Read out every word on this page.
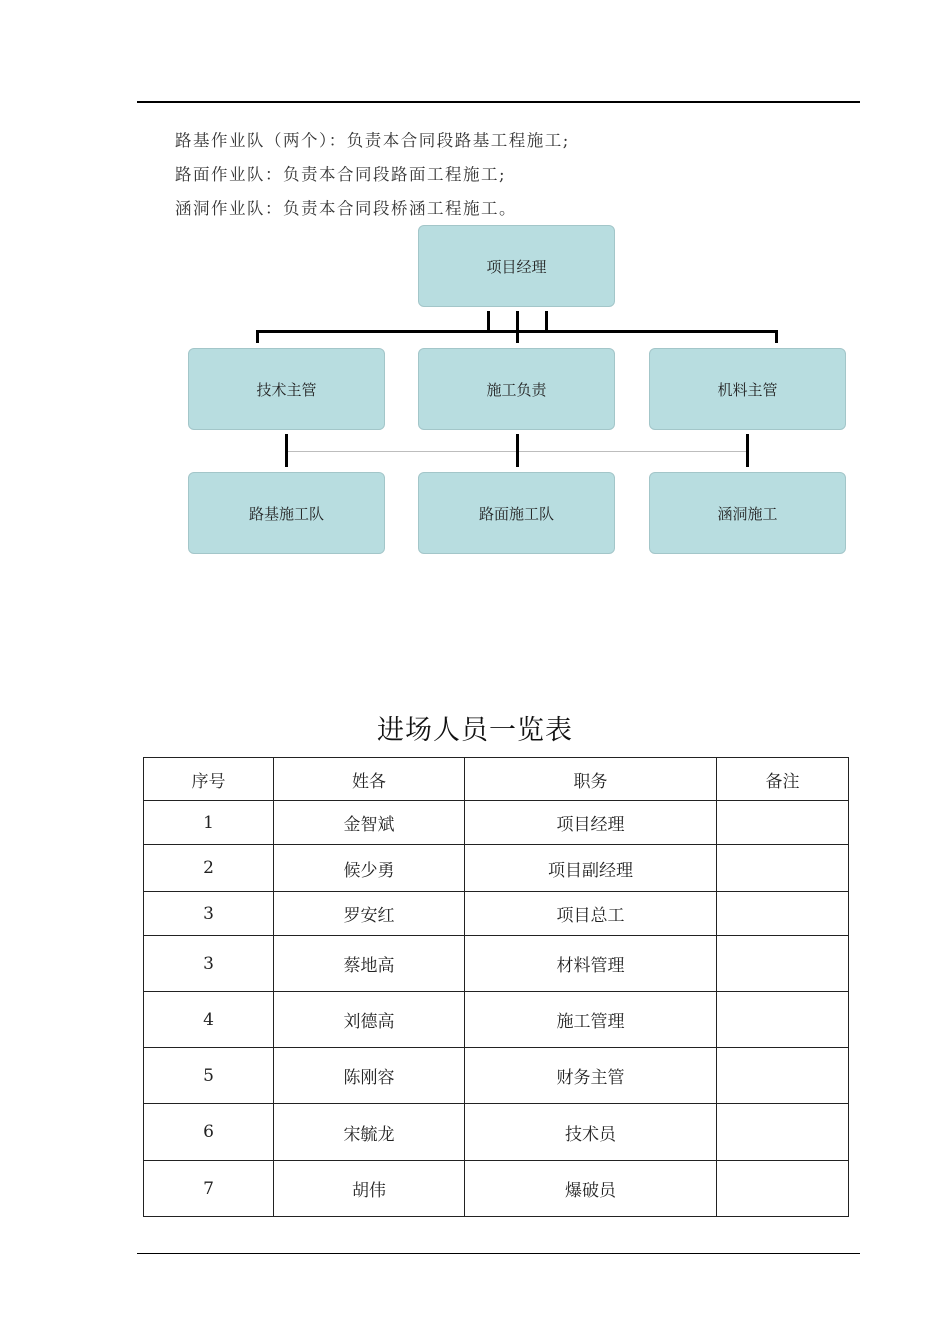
路基作业队（两个）：负责本合同段路基工程施工;
路面作业队：负责本合同段路面工程施工;
涵洞作业队：负责本合同段桥涵工程施工。
项目经理
技术主管	施工负责	机料主管
路基施工队	路面施工队	涵洞施工
进场人员一览表
序号	姓各	职务	备注
1	金智斌	项目经理	
2	候少勇	项目副经理	
3	罗安红	项目总工	
3	蔡地高	材料管理	
4	刘德高	施工管理	
5	陈刚容	财务主管	
6	宋毓龙	技术员	
7	胡伟	爆破员	
